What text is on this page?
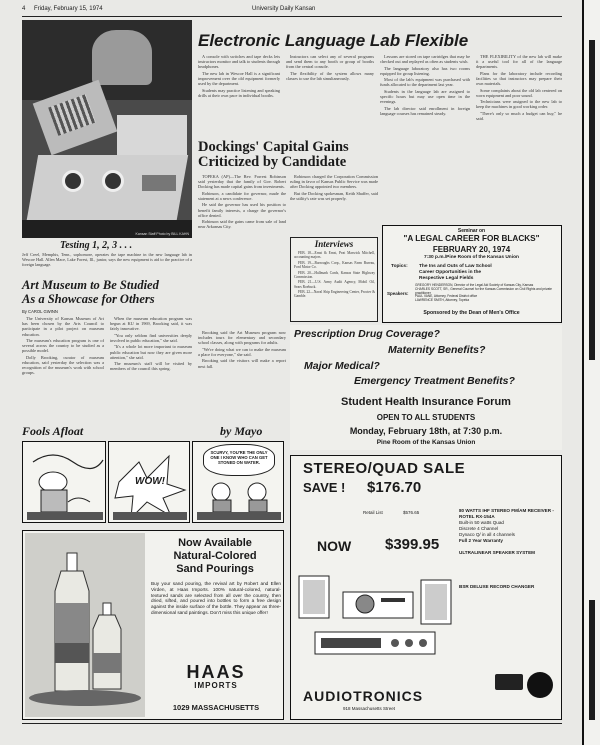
4 Friday, February 15, 1974	University Daily Kansan
Kansan Staff Photo by BILL KAHN
Testing 1, 2, 3 . . .
Jeff Creel, Memphis, Tenn., sophomore, operates the tape machine in the new language lab in Wescoe Hall. Allen Mace, Lake Forest, Ill., junior, says the new equipment is aid to the practice of a foreign language.
Electronic Language Lab Flexible

A console with switches and tape decks lets instructors monitor and talk to students through headphones.

The new lab in Wescoe Hall is a significant improvement over the old equipment formerly used by the department.

Students may practice listening and speaking drills at their own pace in individual booths.

Instructors can select any of several programs and send them to any booth or group of booths from the central console.

The flexibility of the system allows many classes to use the lab simultaneously.

Lessons are stored on tape cartridges that may be checked out and replayed as often as students wish.

The language laboratory also has two rooms equipped for group listening.

Most of the lab's equipment was purchased with funds allocated to the department last year.

Students in the language lab are assigned to specific hours but may use open time in the evenings.

The lab director said enrollment in foreign language courses has remained steady.

THE FLEXIBILITY of the new lab will make it a useful tool for all of the language departments.

Plans for the laboratory include recording facilities so that instructors may prepare their own materials.

Some complaints about the old lab centered on worn equipment and poor sound.

Technicians were assigned to the new lab to keep the machines in good working order.

"There's only so much a budget can buy," he said.

Dockings' Capital Gains
Criticized by Candidate

TOPEKA (AP)—The Rev. Forrest Robinson said yesterday that the family of Gov. Robert Docking has made capital gains from investments.

Robinson, a candidate for governor, made the statement at a news conference.

He said the governor has used his position to benefit family interests, a charge the governor's office denied.

Robinson said the gains came from sale of land near Arkansas City.

Robinson charged the Corporation Commission ruling in favor of Kansas Public Service was made after Docking appointed two members.

But the Docking spokesman, Keith Shaffer, said the utility's rate was set properly.

Interviews

FEB. 18—Ernst & Ernst, Peat Marwick Mitchell, accounting majors.

FEB. 19—Burroughs Corp., Kansas Farm Bureau, Ford Motor Co.

FEB. 20—Hallmark Cards, Kansas State Highway Commission.

FEB. 21—U.S. Army Audit Agency, Mobil Oil, Sears Roebuck.

FEB. 22—Naval Ship Engineering Center, Procter & Gamble.

Seminar on
"A LEGAL CAREER FOR BLACKS"
FEBRUARY 20, 1974
7:30 p.m./Pine Room of the Kansas Union
Topics: The Ins and Outs of Law School
Career Opportunities in the
Respective Legal Fields
Speakers:
GREGORY HENDERSON, Director of the Legal Aid Society of Kansas City, Kansas
CHARLES SCOTT, SR., General Counsel for the Kansas Commission on Civil Rights and private practitioner
PAUL VANE, Attorney, Federal District office
LAWRENCE SMITH, Attorney, Topeka
Sponsored by the Dean of Men's Office
Art Museum to Be Studied
As a Showcase for Others
By CAROL GWINN

The University of Kansas Museum of Art has been chosen by the Arts Council to participate in a pilot project on museum education.

The museum's education program is one of several across the country to be studied as a possible model.

Dolly Brooking, curator of museum education, said yesterday the selection was a recognition of the museum's work with school groups.

When the museum education program was begun at KU in 1969, Brooking said, it was fairly innovative.

"You only seldom find universities deeply involved in public education," she said.

"It's a whole lot more important to museum public education but now they are given more attention," she said.

The museum's staff will be visited by members of the council this spring.

Brooking said the Art Museum program now includes tours for elementary and secondary school classes, along with programs for adults.

"We're doing what we can to make the museum a place for everyone," she said.

Brooking said the visitors will make a report next fall.

Prescription Drug Coverage?
Maternity Benefits?
Major Medical?
Emergency Treatment Benefits?
Student Health Insurance Forum
OPEN TO ALL STUDENTS
Monday, February 18th, at 7:30 p.m.
Pine Room of the Kansas Union
Fools Afloat	by Mayo
WOW!
SCURVY, YOU'RE THE ONLY ONE I KNOW WHO CAN GET STONED ON WATER.
Now Available
Natural-Colored
Sand Pourings
Buy your sand pouring, the revival art by Robert and Ellen Virden, at Haas Imports. 100% natural-colored, natural-textured sands are selected from all over the country, then dried, sifted, and poured into bottles to form a free design against the inside surface of the bottle. They appear as three-dimensional sand paintings. Don't miss this unique offer!
HAAS
IMPORTS
1029 MASSACHUSETTS
STEREO/QUAD SALE
SAVE ! $176.70
Retail List	$576.65
NOW $399.95
80 WATTS IHF STEREO FM/AM RECEIVER - ROTEL RX-154A
Built-in 50 watts Quad
Discrete 4 Channel
Dynaco Q/ in all 4 channels
Full 2 Year Warranty
ULTRALINEAR SPEAKER SYSTEM
BSR DELUXE RECORD CHANGER
AUDIOTRONICS
918 Massachusetts Street
